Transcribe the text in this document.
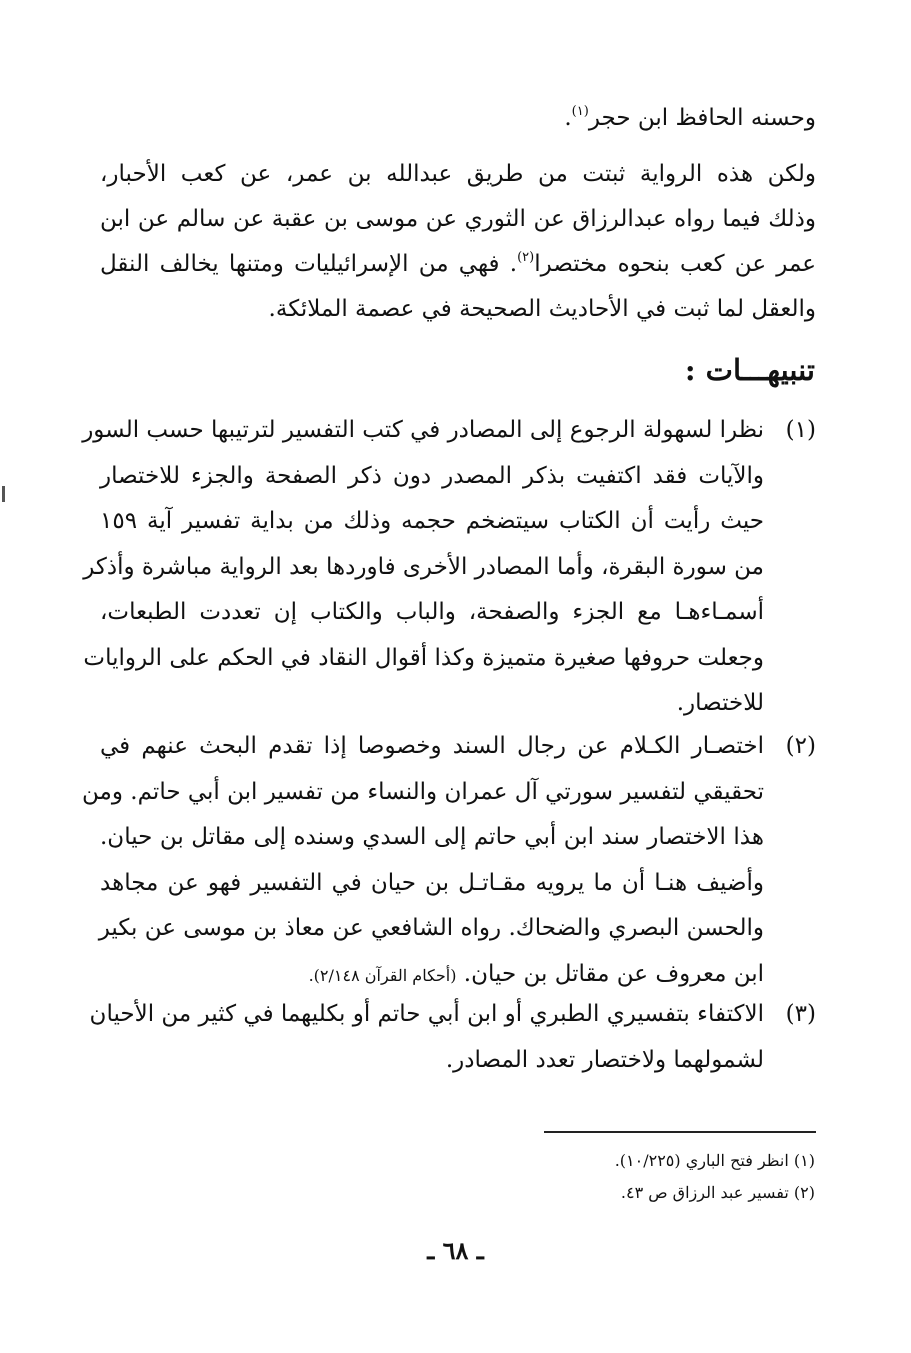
وحسنه الحافظ ابن حجر$^{(١)}$.
ولكن هذه الرواية ثبتت من طريق عبدالله بن عمر، عن كعب الأحبار،
وذلك فيما رواه عبدالرزاق عن الثوري عن موسى بن عقبة عن سالم عن ابن
عمر عن كعب بنحوه مختصرا$^{(٢)}$. فهي من الإسرائيليات ومتنها يخالف النقل
والعقل لما ثبت في الأحاديث الصحيحة في عصمة الملائكة.
تنبيهـــات :
(١)
نظرا لسهولة الرجوع إلى المصادر في كتب التفسير لترتيبها حسب السور
والآيات فقد اكتفيت بذكر المصدر دون ذكر الصفحة والجزء للاختصار
حيث رأيت أن الكتاب سيتضخم حجمه وذلك من بداية تفسير آية ١٥٩
من سورة البقرة، وأما المصادر الأخرى فاوردها بعد الرواية مباشرة وأذكر
أسمـاءهـا مع الجزء والصفحة، والباب والكتاب إن تعددت الطبعات،
وجعلت حروفها صغيرة متميزة وكذا أقوال النقاد في الحكم على الروايات
للاختصار.
(٢)
اختصـار الكـلام عن رجال السند وخصوصا إذا تقدم البحث عنهم في
تحقيقي لتفسير سورتي آل عمران والنساء من تفسير ابن أبي حاتم. ومن
هذا الاختصار سند ابن أبي حاتم إلى السدي وسنده إلى مقاتل بن حيان.
وأضيف هنـا أن ما يرويه مقـاتـل بن حيان في التفسير فهو عن مجاهد
والحسن البصري والضحاك. رواه الشافعي عن معاذ بن موسى عن بكير
ابن معروف عن مقاتل بن حيان. (أحكام القرآن ٢/١٤٨).
(٣)
الاكتفاء بتفسيري الطبري أو ابن أبي حاتم أو بكليهما في كثير من الأحيان
لشمولهما ولاختصار تعدد المصادر.
(١) انظر فتح الباري (١٠/٢٢٥).
(٢) تفسير عبد الرزاق ص ٤٣.
ـ ٦٨ ـ
